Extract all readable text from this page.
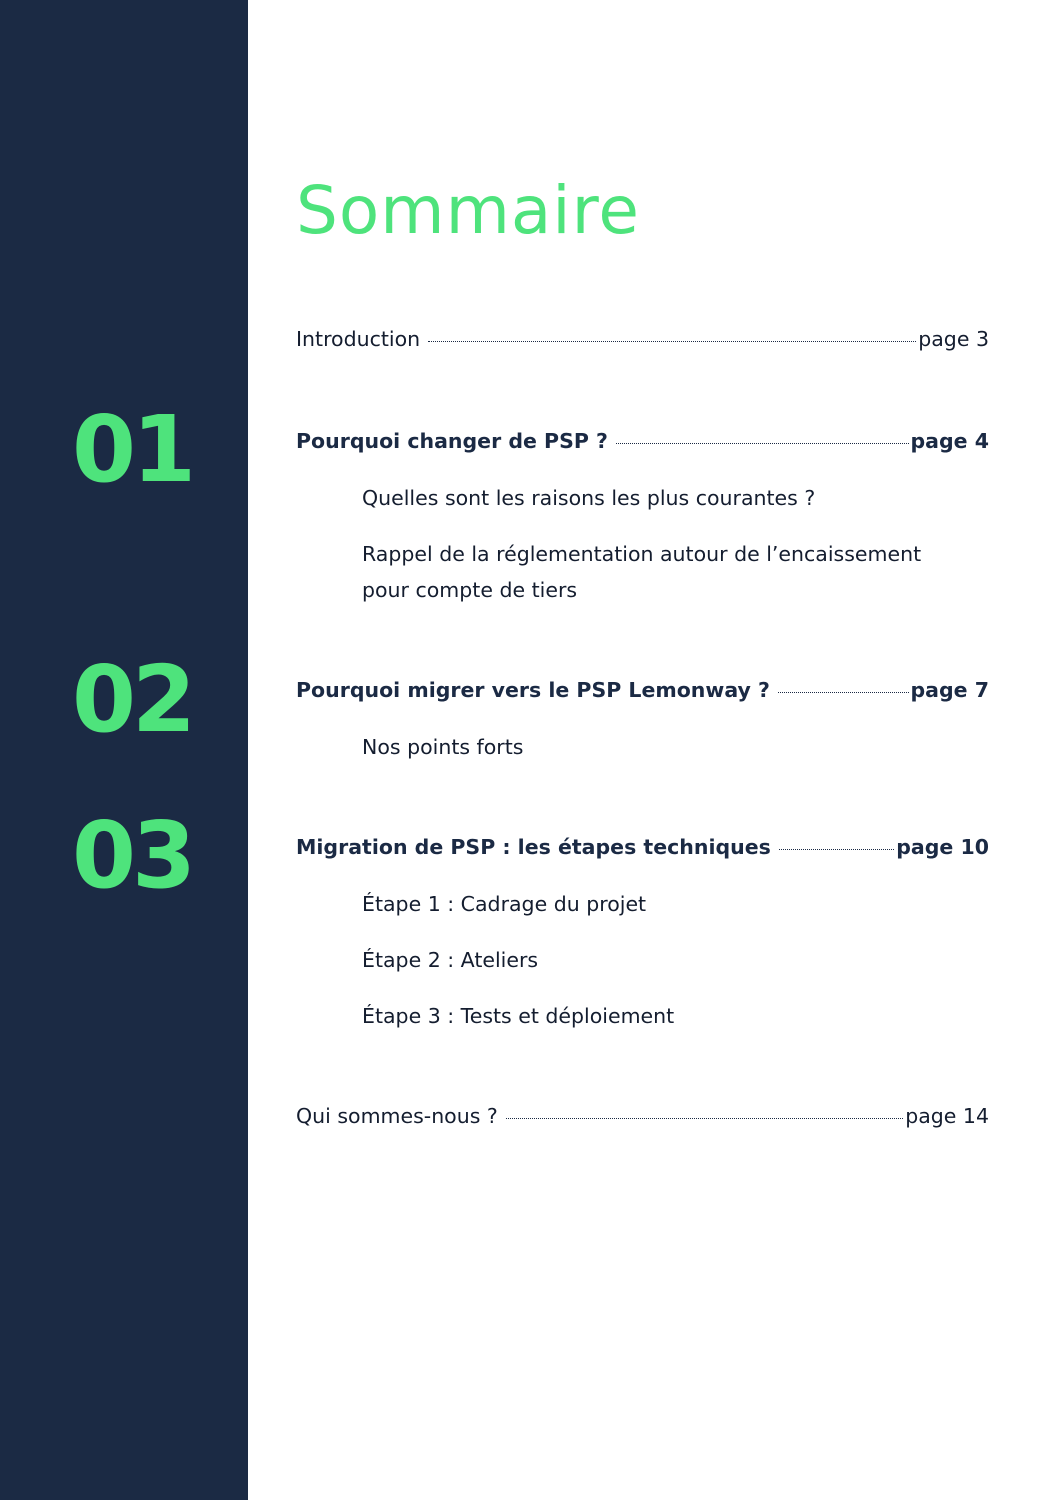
01
02
03
Sommaire
Introduction	page 3
Pourquoi changer de PSP ?	page 4
Quelles sont les raisons les plus courantes ?
Rappel de la réglementation autour de l’encaissement pour compte de tiers
Pourquoi migrer vers le PSP Lemonway ?	page 7
Nos points forts
Migration de PSP : les étapes techniques	page 10
Étape 1 : Cadrage du projet
Étape 2 : Ateliers
Étape 3 : Tests et déploiement
Qui sommes-nous ?	page 14
